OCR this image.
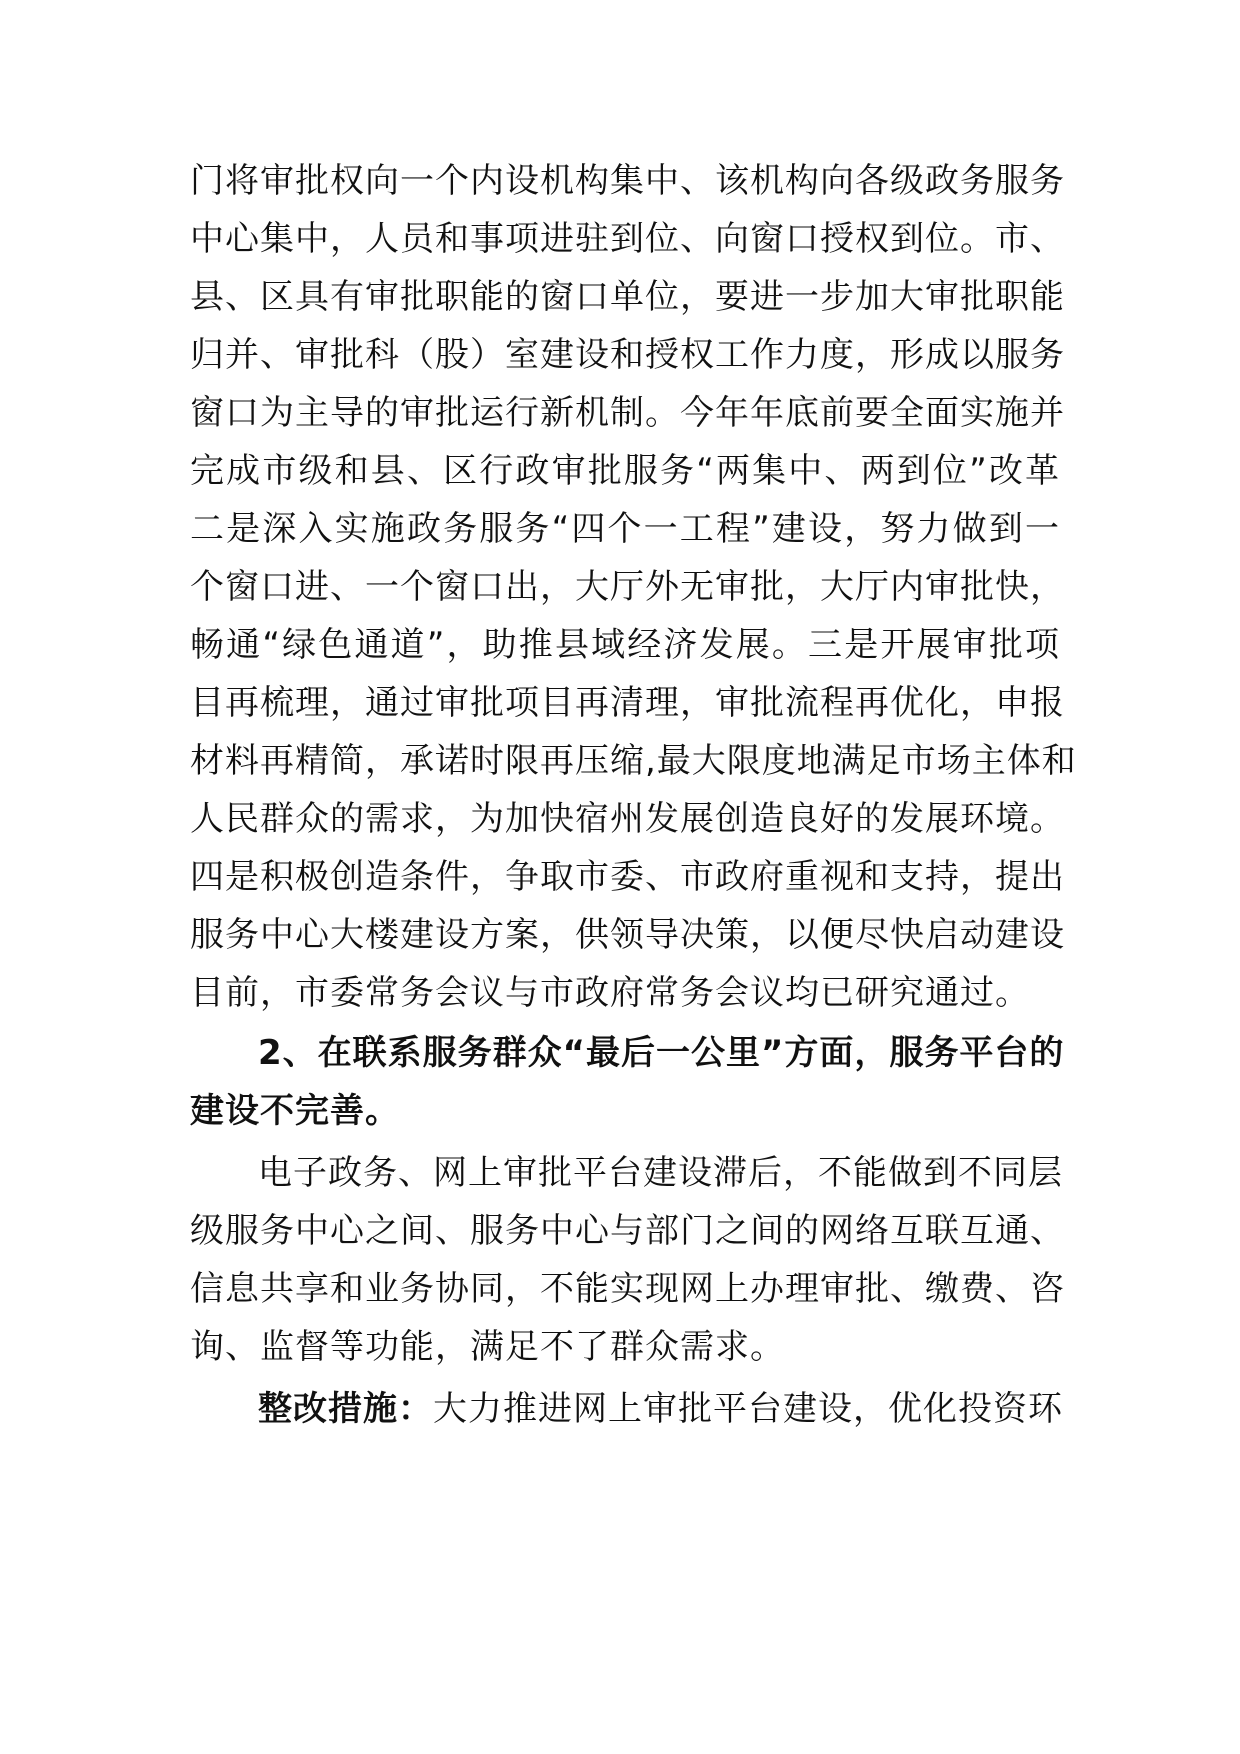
门将审批权向一个内设机构集中、该机构向各级政务服务
中心集中，人员和事项进驻到位、向窗口授权到位。市、
县、区具有审批职能的窗口单位，要进一步加大审批职能
归并、审批科（股）室建设和授权工作力度，形成以服务
窗口为主导的审批运行新机制。今年年底前要全面实施并
完成市级和县、区行政审批服务“两集中、两到位”改革
二是深入实施政务服务“四个一工程”建设，努力做到一
个窗口进、一个窗口出，大厅外无审批，大厅内审批快，
畅通“绿色通道”，助推县域经济发展。三是开展审批项
目再梳理，通过审批项目再清理，审批流程再优化，申报
材料再精简，承诺时限再压缩,最大限度地满足市场主体和
人民群众的需求，为加快宿州发展创造良好的发展环境。
四是积极创造条件，争取市委、市政府重视和支持，提出
服务中心大楼建设方案，供领导决策，以便尽快启动建设
目前，市委常务会议与市政府常务会议均已研究通过。
2、在联系服务群众“最后一公里”方面，服务平台的
建设不完善。
电子政务、网上审批平台建设滞后，不能做到不同层
级服务中心之间、服务中心与部门之间的网络互联互通、
信息共享和业务协同，不能实现网上办理审批、缴费、咨
询、监督等功能，满足不了群众需求。
整改措施：大力推进网上审批平台建设，优化投资环
